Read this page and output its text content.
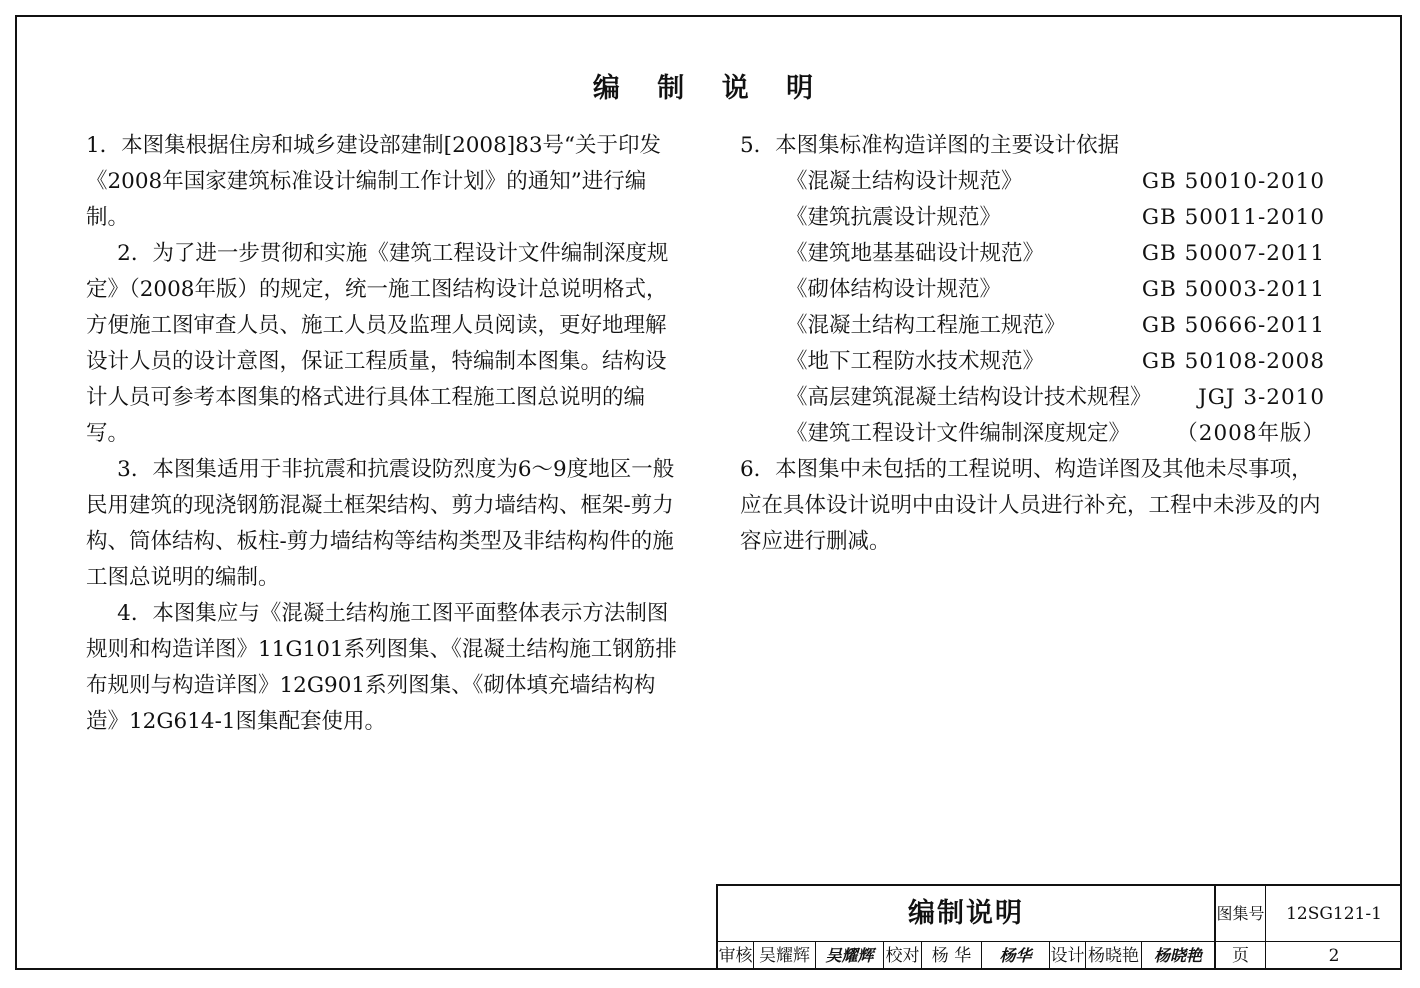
编 制 说 明

1．本图集根据住房和城乡建设部建制[2008]83号“关于印发《2008年国家建筑标准设计编制工作计划》的通知”进行编制。

2．为了进一步贯彻和实施《建筑工程设计文件编制深度规定》（2008年版）的规定，统一施工图结构设计总说明格式，方便施工图审查人员、施工人员及监理人员阅读，更好地理解设计人员的设计意图，保证工程质量，特编制本图集。结构设计人员可参考本图集的格式进行具体工程施工图总说明的编写。

3．本图集适用于非抗震和抗震设防烈度为6～9度地区一般民用建筑的现浇钢筋混凝土框架结构、剪力墙结构、框架-剪力构、筒体结构、板柱-剪力墙结构等结构类型及非结构构件的施工图总说明的编制。

4．本图集应与《混凝土结构施工图平面整体表示方法制图规则和构造详图》11G101系列图集、《混凝土结构施工钢筋排布规则与构造详图》12G901系列图集、《砌体填充墙结构构造》12G614-1图集配套使用。

5．本图集标准构造详图的主要设计依据

《混凝土结构设计规范》	GB 50010-2010
《建筑抗震设计规范》	GB 50011-2010
《建筑地基基础设计规范》	GB 50007-2011
《砌体结构设计规范》	GB 50003-2011
《混凝土结构工程施工规范》	GB 50666-2011
《地下工程防水技术规范》	GB 50108-2008
《高层建筑混凝土结构设计技术规程》 JGJ 3-2010
《建筑工程设计文件编制深度规定》 （2008年版）

6．本图集中未包括的工程说明、构造详图及其他未尽事项，应在具体设计说明中由设计人员进行补充，工程中未涉及的内容应进行删减。

编制说明	图集号	12SG121-1
审核 吴耀辉 吴耀辉 校对 杨 华	杨华	设计 杨晓艳 杨晓艳	页	2
